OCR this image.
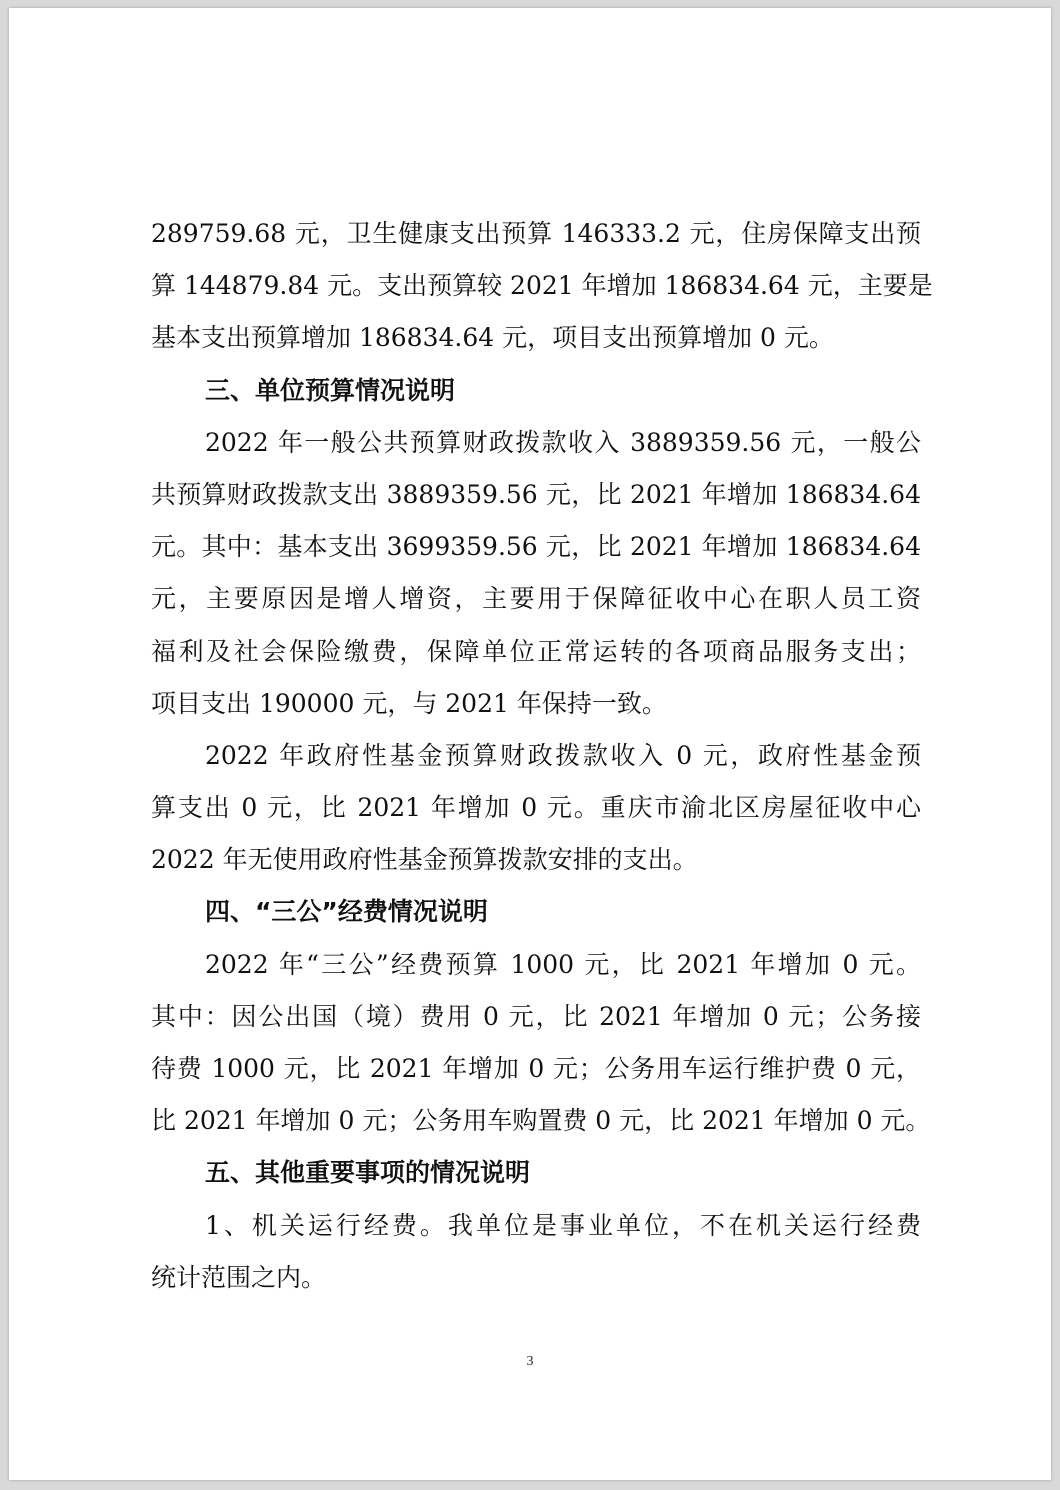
289759.68 元，卫生健康支出预算 146333.2 元，住房保障支出预
算 144879.84 元。支出预算较 2021 年增加 186834.64 元，主要是
基本支出预算增加 186834.64 元，项目支出预算增加 0 元。
三、单位预算情况说明
2022 年一般公共预算财政拨款收入 3889359.56 元，一般公
共预算财政拨款支出 3889359.56 元，比 2021 年增加 186834.64
元。其中：基本支出 3699359.56 元，比 2021 年增加 186834.64
元，主要原因是增人增资，主要用于保障征收中心在职人员工资
福利及社会保险缴费，保障单位正常运转的各项商品服务支出；
项目支出 190000 元，与 2021 年保持一致。
2022 年政府性基金预算财政拨款收入 0 元，政府性基金预
算支出 0 元，比 2021 年增加 0 元。重庆市渝北区房屋征收中心
2022 年无使用政府性基金预算拨款安排的支出。
四、“三公”经费情况说明
2022 年“三公”经费预算 1000 元，比 2021 年增加 0 元。
其中：因公出国（境）费用 0 元，比 2021 年增加 0 元；公务接
待费 1000 元，比 2021 年增加 0 元；公务用车运行维护费 0 元，
比 2021 年增加 0 元；公务用车购置费 0 元，比 2021 年增加 0 元。
五、其他重要事项的情况说明
1、机关运行经费。我单位是事业单位，不在机关运行经费
统计范围之内。
3
